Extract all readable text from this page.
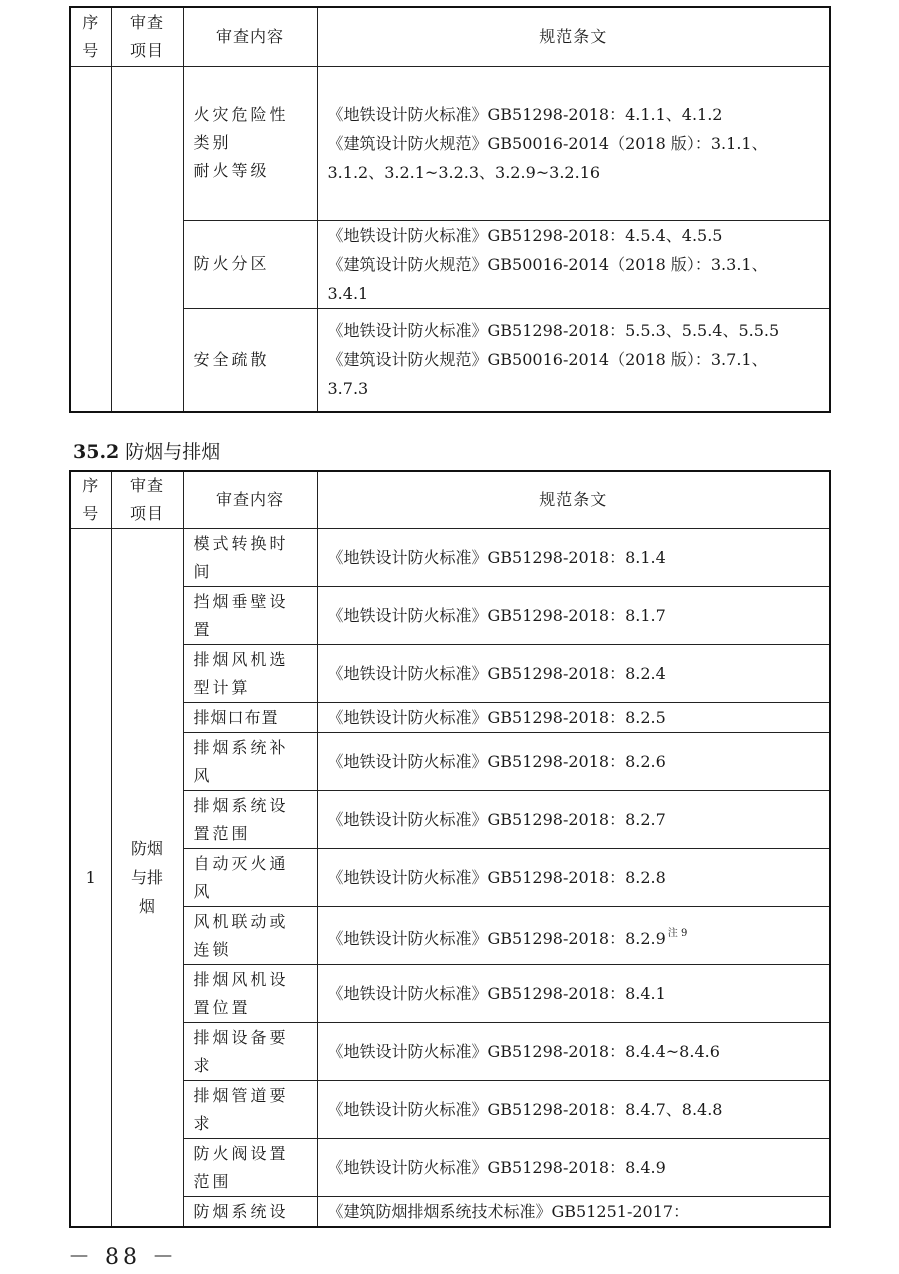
序
号	审查
项目	审查内容	规范条文

		火灾危险性
类别
耐火等级	《地铁设计防火标准》GB51298-2018：4.1.1、4.1.2
《建筑设计防火规范》GB50016-2014（2018 版）：3.1.1、
3.1.2、3.2.1~3.2.3、3.2.9~3.2.16

		防火分区	《地铁设计防火标准》GB51298-2018：4.5.4、4.5.5
《建筑设计防火规范》GB50016-2014（2018 版）：3.3.1、
3.4.1

		安全疏散	《地铁设计防火标准》GB51298-2018：5.5.3、5.5.4、5.5.5
《建筑设计防火规范》GB50016-2014（2018 版）：3.7.1、
3.7.3
35.2 防烟与排烟
序
号	审查
项目	审查内容	规范条文
1	防烟
与排
烟	模式转换时
间	《地铁设计防火标准》GB51298-2018：8.1.4

		挡烟垂壁设
置	《地铁设计防火标准》GB51298-2018：8.1.7

		排烟风机选
型计算	《地铁设计防火标准》GB51298-2018：8.2.4

		排烟口布置	《地铁设计防火标准》GB51298-2018：8.2.5

		排烟系统补
风	《地铁设计防火标准》GB51298-2018：8.2.6

		排烟系统设
置范围	《地铁设计防火标准》GB51298-2018：8.2.7

		自动灭火通
风	《地铁设计防火标准》GB51298-2018：8.2.8

		风机联动或
连锁	《地铁设计防火标准》GB51298-2018：8.2.9 $^{注 9}$

		排烟风机设
置位置	《地铁设计防火标准》GB51298-2018：8.4.1

		排烟设备要
求	《地铁设计防火标准》GB51298-2018：8.4.4~8.4.6

		排烟管道要
求	《地铁设计防火标准》GB51298-2018：8.4.7、8.4.8

		防火阀设置
范围	《地铁设计防火标准》GB51298-2018：8.4.9

		防烟系统设	《建筑防烟排烟系统技术标准》GB51251-2017：
－ 88 －
